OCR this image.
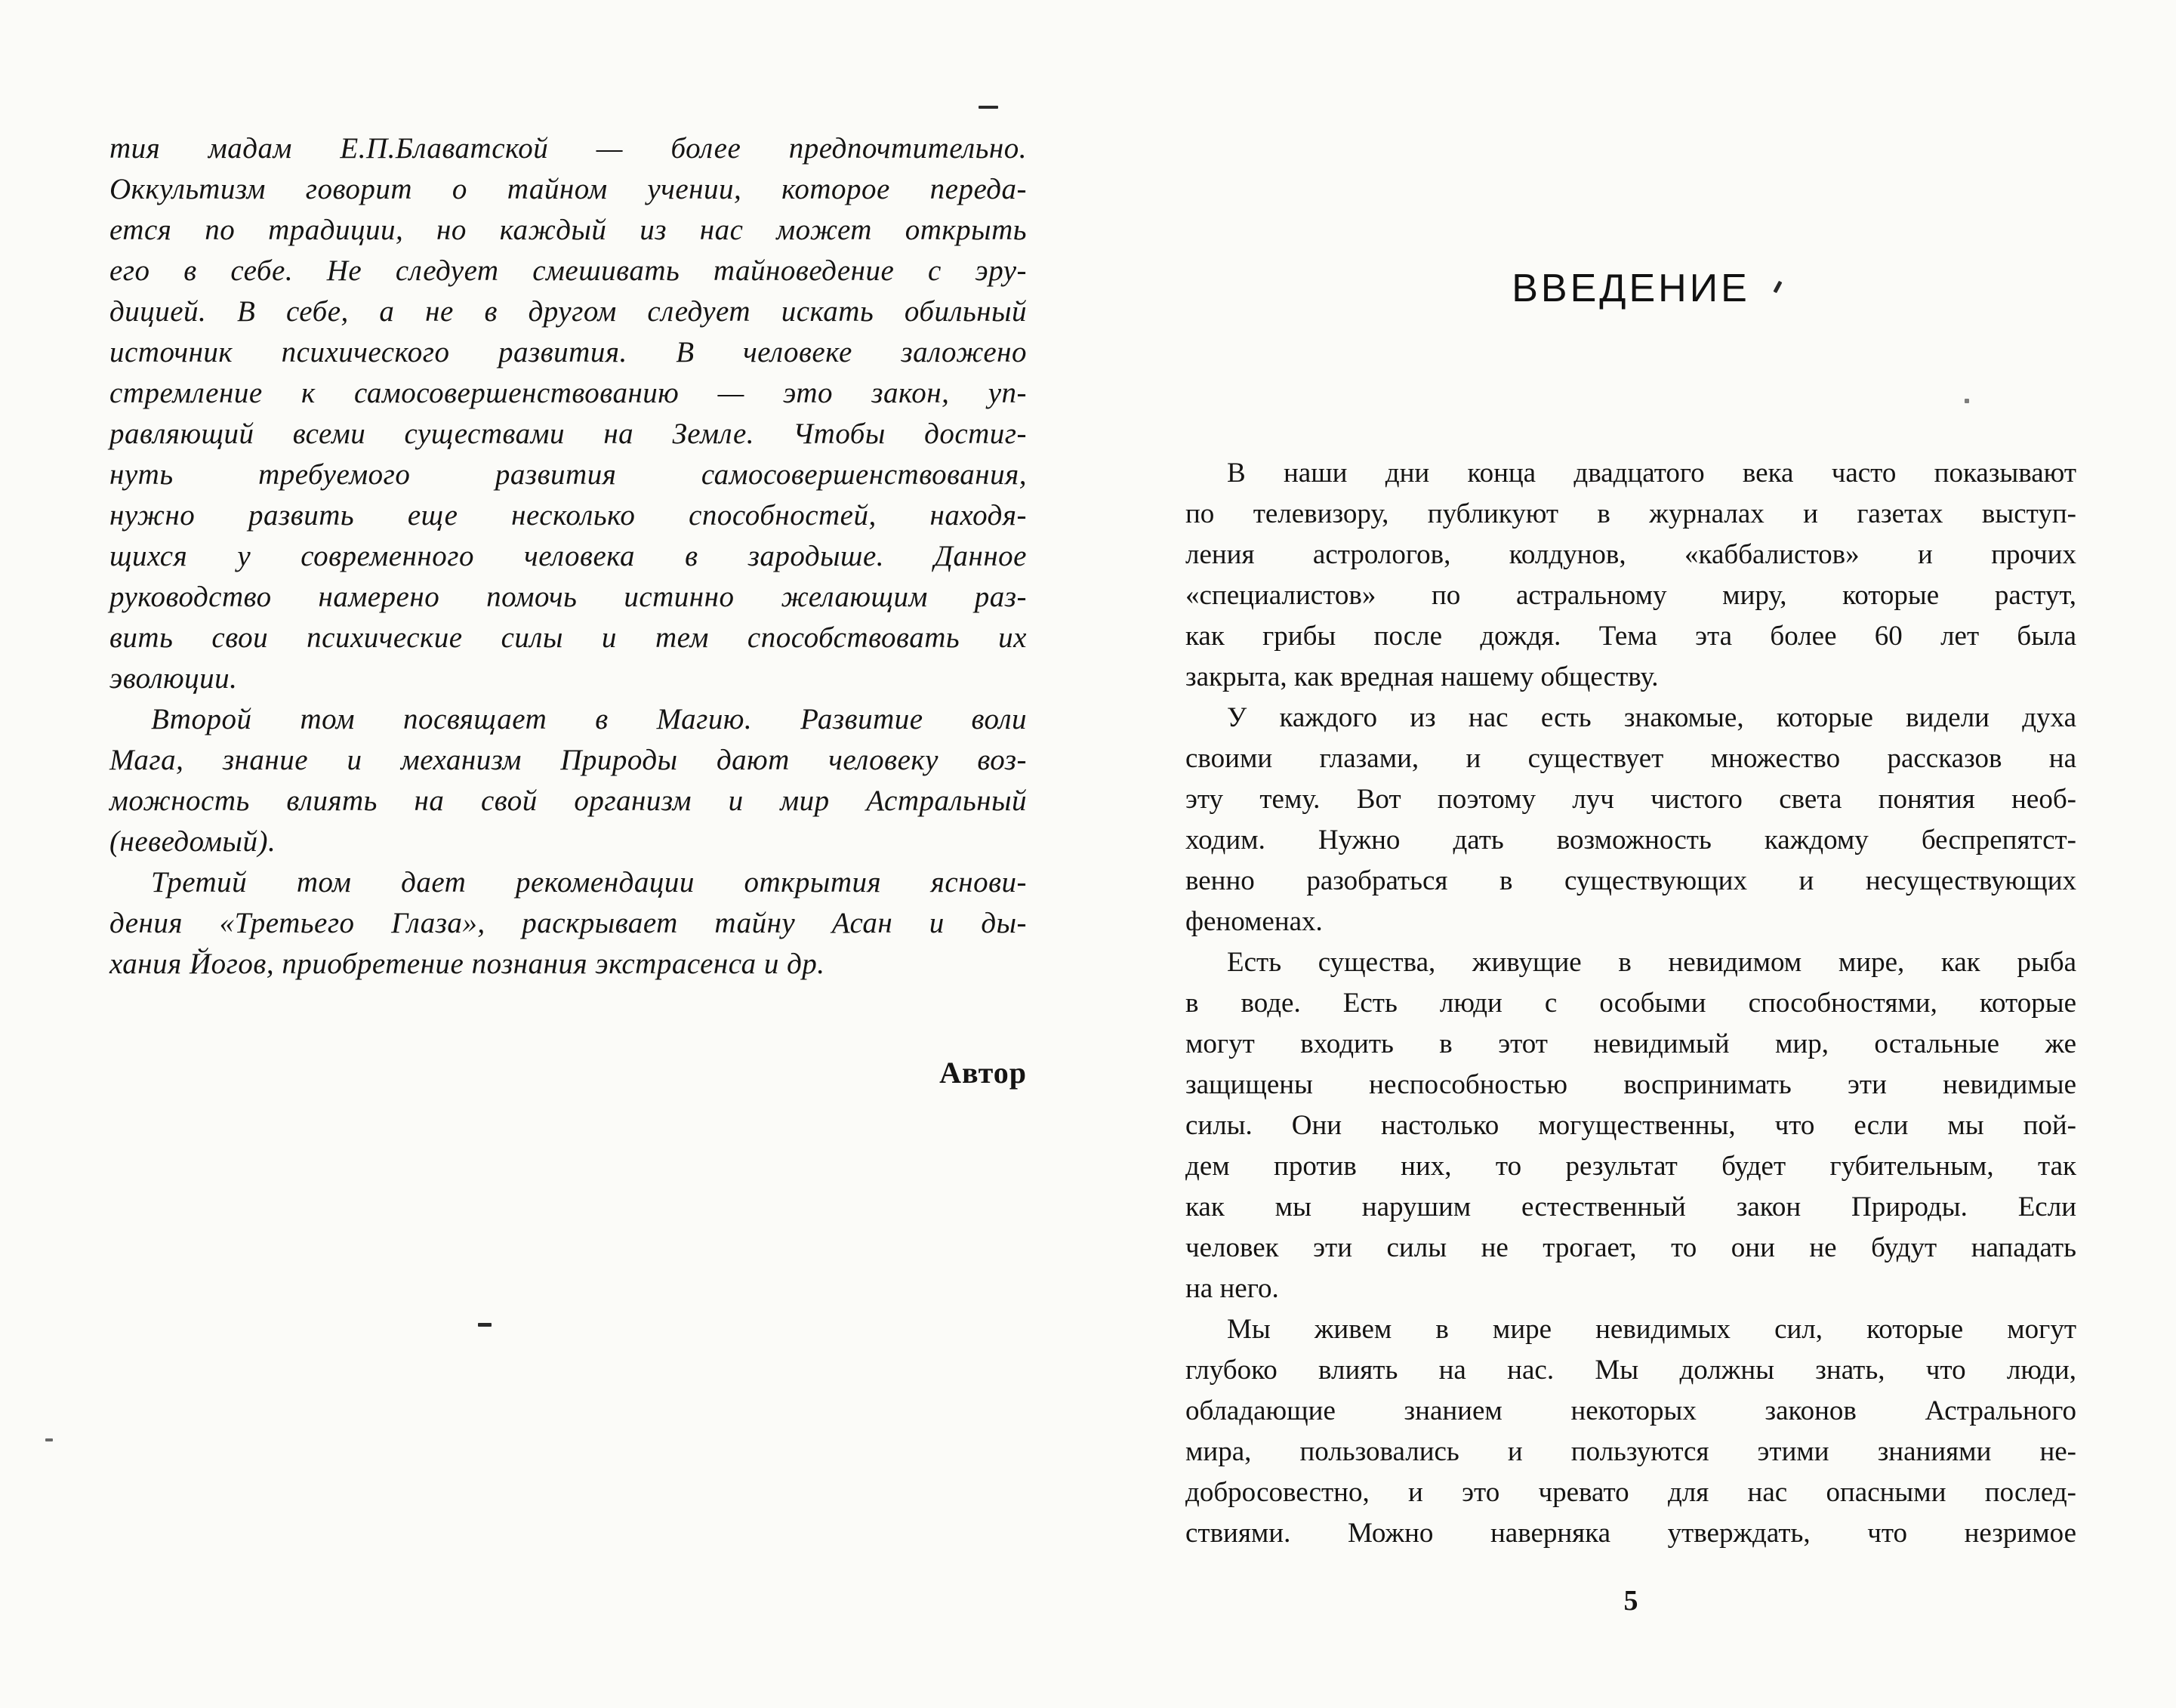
тия мадам Е.П.Блаватской — более предпочтительно.
Оккультизм говорит о тайном учении, которое переда-
ется по традиции, но каждый из нас может открыть
его в себе. Не следует смешивать тайноведение с эру-
дицией. В себе, а не в другом следует искать обильный
источник психического развития. В человеке заложено
стремление к самосовершенствованию — это закон, уп-
равляющий всеми существами на Земле. Чтобы достиг-
нуть требуемого развития самосовершенствования,
нужно развить еще несколько способностей, находя-
щихся у современного человека в зародыше. Данное
руководство намерено помочь истинно желающим раз-
вить свои психические силы и тем способствовать их
эволюции.
Второй том посвящает в Магию. Развитие воли
Мага, знание и механизм Природы дают человеку воз-
можность влиять на свой организм и мир Астральный
(неведомый).
Третий том дает рекомендации открытия яснови-
дения «Третьего Глаза», раскрывает тайну Асан и ды-
хания Йогов, приобретение познания экстрасенса и др.
Автор
ВВЕДЕНИЕ
В наши дни конца двадцатого века часто показывают
по телевизору, публикуют в журналах и газетах выступ-
ления астрологов, колдунов, «каббалистов» и прочих
«специалистов» по астральному миру, которые растут,
как грибы после дождя. Тема эта более 60 лет была
закрыта, как вредная нашему обществу.
У каждого из нас есть знакомые, которые видели духа
своими глазами, и существует множество рассказов на
эту тему. Вот поэтому луч чистого света понятия необ-
ходим. Нужно дать возможность каждому беспрепятст-
венно разобраться в существующих и несуществующих
феноменах.
Есть существа, живущие в невидимом мире, как рыба
в воде. Есть люди с особыми способностями, которые
могут входить в этот невидимый мир, остальные же
защищены неспособностью воспринимать эти невидимые
силы. Они настолько могущественны, что если мы пой-
дем против них, то результат будет губительным, так
как мы нарушим естественный закон Природы. Если
человек эти силы не трогает, то они не будут нападать
на него.
Мы живем в мире невидимых сил, которые могут
глубоко влиять на нас. Мы должны знать, что люди,
обладающие знанием некоторых законов Астрального
мира, пользовались и пользуются этими знаниями не-
добросовестно, и это чревато для нас опасными послед-
ствиями. Можно наверняка утверждать, что незримое
5
